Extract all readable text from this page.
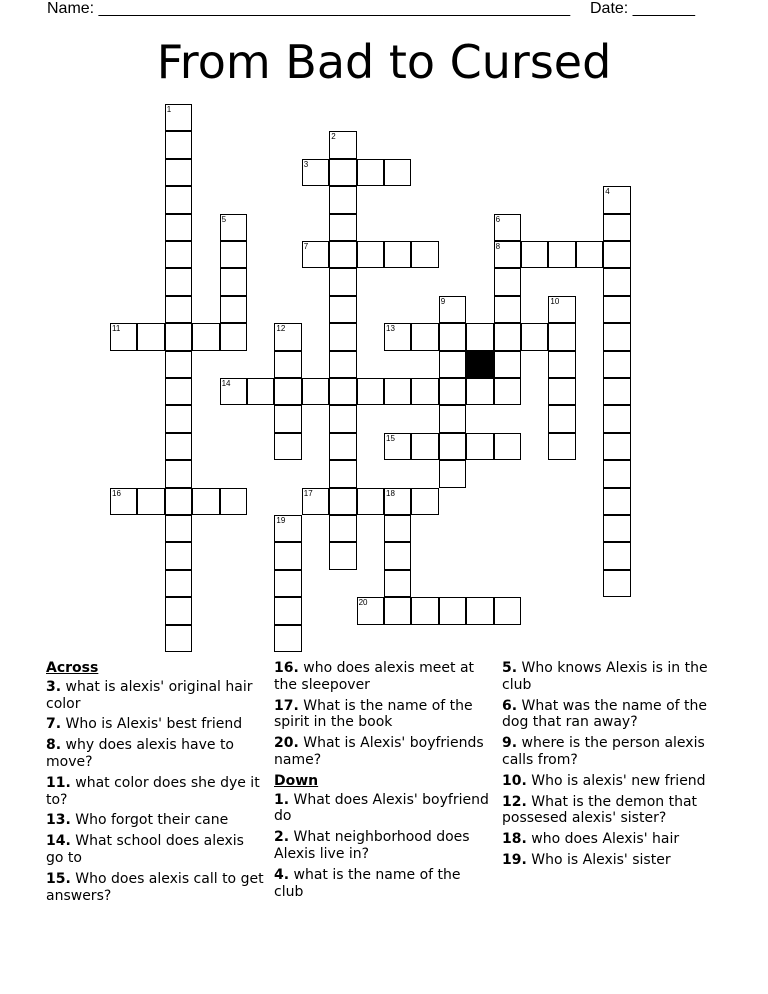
Name: _____________________________________________________ Date: _______
From Bad to Cursed
1
2
4
5	6
8
9	10
12
18
19
3
7
11	13
14
15
16	17
20
Across
3. what is alexis' original hair color
7. Who is Alexis' best friend
8. why does alexis have to move?
11. what color does she dye it to?
13. Who forgot their cane
14. What school does alexis go to
15. Who does alexis call to get answers?
16. who does alexis meet at the sleepover
17. What is the name of the spirit in the book
20. What is Alexis' boyfriends name?
Down
1. What does Alexis' boyfriend do
2. What neighborhood does Alexis live in?
4. what is the name of the club
5. Who knows Alexis is in the club
6. What was the name of the dog that ran away?
9. where is the person alexis calls from?
10. Who is alexis' new friend
12. What is the demon that possesed alexis' sister?
18. who does Alexis' hair
19. Who is Alexis' sister
